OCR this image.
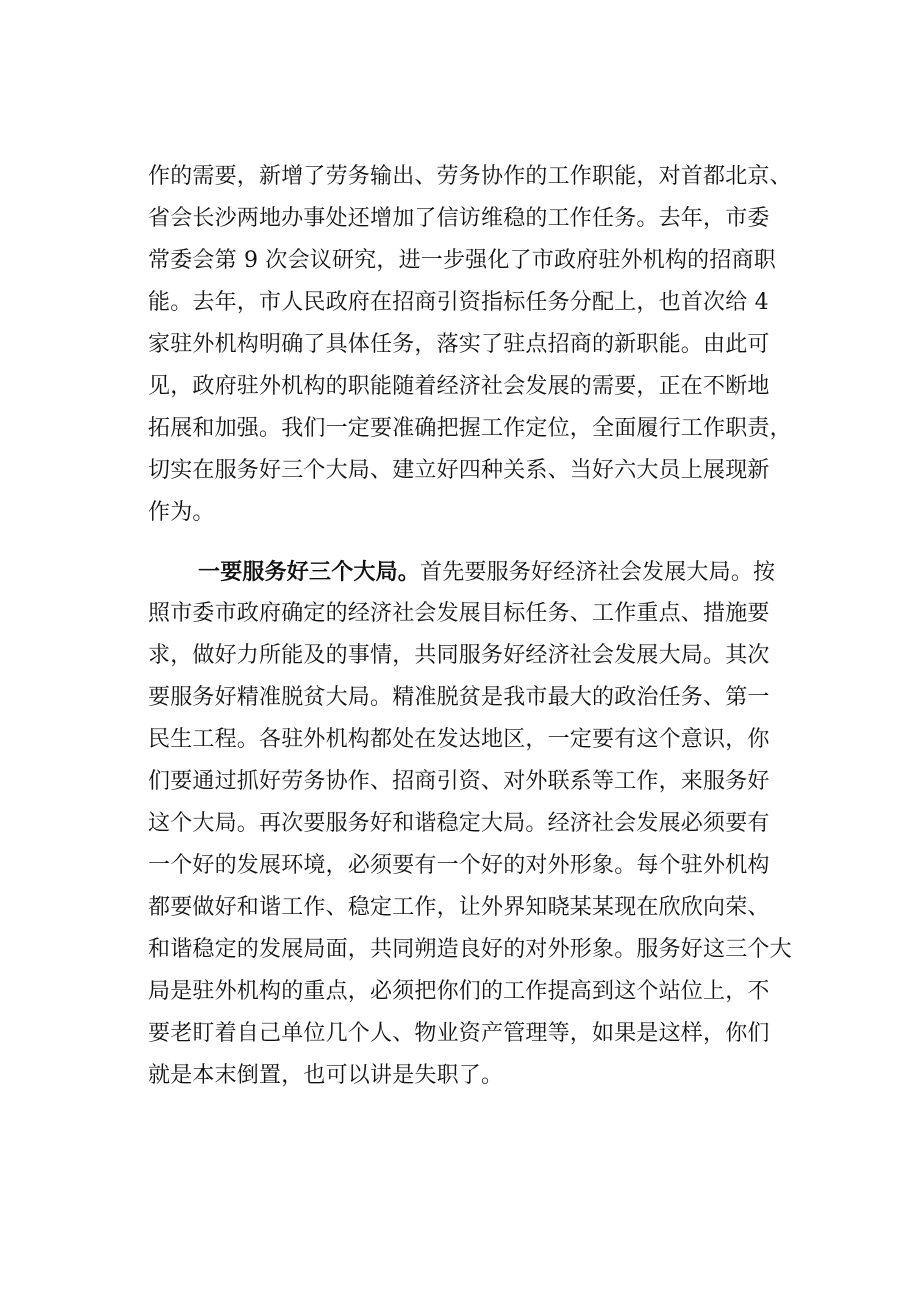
作的需要，新增了劳务输出、劳务协作的工作职能，对首都北京、
省会长沙两地办事处还增加了信访维稳的工作任务。去年，市委
常委会第 9 次会议研究，进一步强化了市政府驻外机构的招商职
能。去年，市人民政府在招商引资指标任务分配上，也首次给 4
家驻外机构明确了具体任务，落实了驻点招商的新职能。由此可
见，政府驻外机构的职能随着经济社会发展的需要，正在不断地
拓展和加强。我们一定要准确把握工作定位，全面履行工作职责，
切实在服务好三个大局、建立好四种关系、当好六大员上展现新
作为。
一要服务好三个大局。首先要服务好经济社会发展大局。按
照市委市政府确定的经济社会发展目标任务、工作重点、措施要
求，做好力所能及的事情，共同服务好经济社会发展大局。其次
要服务好精准脱贫大局。精准脱贫是我市最大的政治任务、第一
民生工程。各驻外机构都处在发达地区，一定要有这个意识，你
们要通过抓好劳务协作、招商引资、对外联系等工作，来服务好
这个大局。再次要服务好和谐稳定大局。经济社会发展必须要有
一个好的发展环境，必须要有一个好的对外形象。每个驻外机构
都要做好和谐工作、稳定工作，让外界知晓某某现在欣欣向荣、
和谐稳定的发展局面，共同朔造良好的对外形象。服务好这三个大
局是驻外机构的重点，必须把你们的工作提高到这个站位上，不
要老盯着自己单位几个人、物业资产管理等，如果是这样，你们
就是本末倒置，也可以讲是失职了。
